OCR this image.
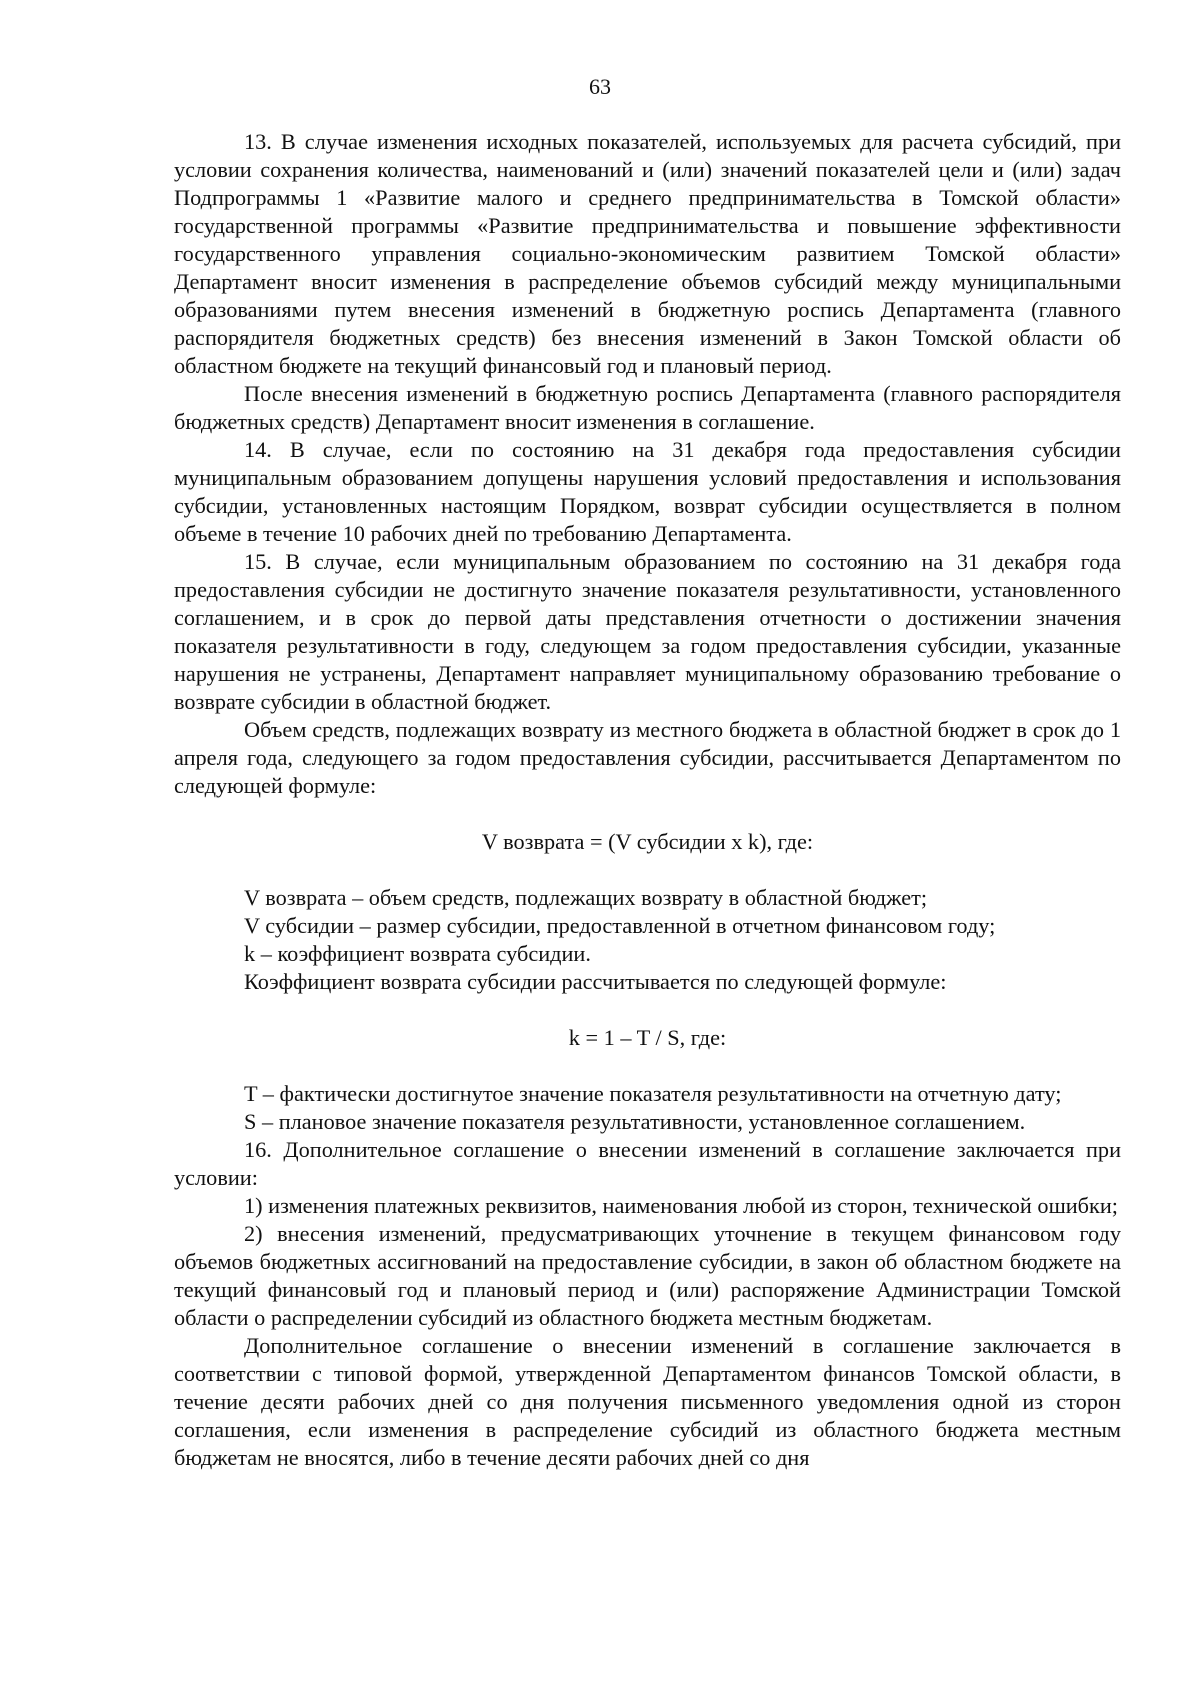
63

13. В случае изменения исходных показателей, используемых для расчета субсидий, при условии сохранения количества, наименований и (или) значений показателей цели и (или) задач Подпрограммы 1 «Развитие малого и среднего предпринимательства в Томской области» государственной программы «Развитие предпринимательства и повышение эффективности государственного управления социально-экономическим развитием Томской области» Департамент вносит изменения в распределение объемов субсидий между муниципальными образованиями путем внесения изменений в бюджетную роспись Департамента (главного распорядителя бюджетных средств) без внесения изменений в Закон Томской области об областном бюджете на текущий финансовый год и плановый период.

После внесения изменений в бюджетную роспись Департамента (главного распорядителя бюджетных средств) Департамент вносит изменения в соглашение.

14. В случае, если по состоянию на 31 декабря года предоставления субсидии муниципальным образованием допущены нарушения условий предоставления и использования субсидии, установленных настоящим Порядком, возврат субсидии осуществляется в полном объеме в течение 10 рабочих дней по требованию Департамента.

15. В случае, если муниципальным образованием по состоянию на 31 декабря года предоставления субсидии не достигнуто значение показателя результативности, установленного соглашением, и в срок до первой даты представления отчетности о достижении значения показателя результативности в году, следующем за годом предоставления субсидии, указанные нарушения не устранены, Департамент направляет муниципальному образованию требование о возврате субсидии в областной бюджет.

Объем средств, подлежащих возврату из местного бюджета в областной бюджет в срок до 1 апреля года, следующего за годом предоставления субсидии, рассчитывается Департаментом по следующей формуле:

V возврата = (V субсидии x k), где:

V возврата – объем средств, подлежащих возврату в областной бюджет;

V субсидии – размер субсидии, предоставленной в отчетном финансовом году;

k – коэффициент возврата субсидии.

Коэффициент возврата субсидии рассчитывается по следующей формуле:

k = 1 – T / S, где:

T – фактически достигнутое значение показателя результативности на отчетную дату;

S – плановое значение показателя результативности, установленное соглашением.

16. Дополнительное соглашение о внесении изменений в соглашение заключается при условии:

1) изменения платежных реквизитов, наименования любой из сторон, технической ошибки;

2) внесения изменений, предусматривающих уточнение в текущем финансовом году объемов бюджетных ассигнований на предоставление субсидии, в закон об областном бюджете на текущий финансовый год и плановый период и (или) распоряжение Администрации Томской области о распределении субсидий из областного бюджета местным бюджетам.

Дополнительное соглашение о внесении изменений в соглашение заключается в соответствии с типовой формой, утвержденной Департаментом финансов Томской области, в течение десяти рабочих дней со дня получения письменного уведомления одной из сторон соглашения, если изменения в распределение субсидий из областного бюджета местным бюджетам не вносятся, либо в течение десяти рабочих дней со дня
